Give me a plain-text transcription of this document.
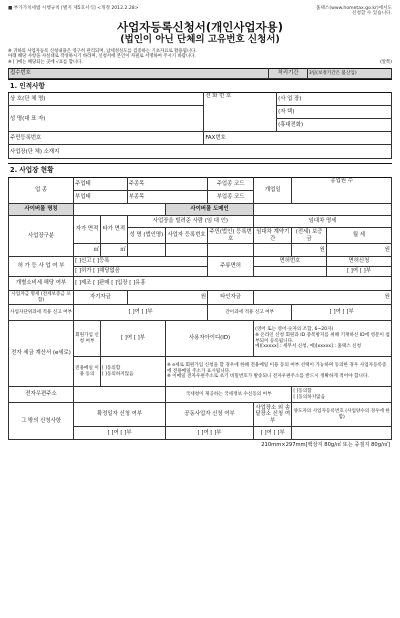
■ 부가가치세법 시행규칙 [별지 제5호서식] <개정 2012.2.28>	홈택스(www.hometax.go.kr)에서도
신청할 수 있습니다.
사업자등록신청서(개인사업자용)
(법인이 아닌 단체의 고유번호 신청서)
※ 귀하의 사업자등록 신청내용은 영구히 관리되며, 납세성실도를 검증하는 기초자료로 활용됩니다.
아래 해당 사항을 사실대로 작성하시기 바라며, 신청서에 본인이 자필로 서명하여 주시기 바랍니다.
※ [ ]에는 해당되는 곳에 √표를 합니다.	(앞쪽)
접수번호	처리기간	3일(보정기간은 불산입)
1. 인적사항
상 호(단 체 명)	전 화 번 호	(사 업 장)
성 명(대 표 자)		(자 택)
		(휴대전화)
주민등록번호	FAX번호	
사업장(단 체) 소재지		
2. 사업장 현황
업 종	주업태		주종목		주업종 코드	개업일	종업원 수	
	부업태		부종목		부업종 코드			
사이버몰 명칭				사이버몰 도메인				
사업장구분	자가 면적	타가 면적	사업장을 빌려준 사람 (임 대 인)			임대차 명세		
			성 명 (법인명)	사업자 등록번호	주민(법인) 등록번호	임대차 계약기간	(전세) 보증금	월 세
	㎡	㎡					원	원
허 가 등 사 업 여 부	[ ]신고 [ ]등록				주류면허	면허번호		면허신청
	[ ]허가 [ ]해당없음							[ ]여 [ ]부
개별소비세 해당 여부	[ ]제조 [ ]판매 [ ]입장 [ ]유흥							
사업자금 명세 (전세보증금 포함)	자기자금		원		타인자금	원		
사업자단위과세 적용 신고 여부	[ ]여 [ ]부				간이과세 적용 신고 여부		[ ]여 [ ]부	
전자 세금 계산서 (e세로)	회원가입 신청 여부	[ ]여 [ ]부		사용자아이디(ID)		(영어 또는 영어·숫자의 조합, 6~20자)
※ 온라인 신청 회원과 ID 중복방지를 위해 기재하신 ID에 영문이 첨부되어 등록됩니다.
예)[xxxxx] : 세무서 신청, 예)[xxxxx] : 홈택스 신청		

	전용메일 이용 동의	[ ]동의함
[ ]동의하지않음		※ e세로 회원가입 신청을 할 경우에 한해 전용메일 이용 동의 여부 선택이 가능하며 동의한 경우 사업자등록증에 전용메일 주소가 표시됩니다.
※ 이메일 전자우편주소로 초기 비밀번호가 발송되니 전자우편주소를 반드시 정확하게 적어야 합니다.				

전자우편주소				국세청이 제공하는 국세정보 수신동의 여부			[ ]동의함
[ ]동의하지않음	

그 밖의 신청사항	확정일자 신청 여부			공동사업자 신청 여부		사업장소 외 송달장소 신청 여부	양도자의 사업자등록번호 (사업양수의 경우에 한함)	
	[ ]여 [ ]부			[ ]여 [ ]부		[ ]여 [ ]부		
210mm×297mm[백상지 80g/㎡ 또는 중질지 80g/㎡]
